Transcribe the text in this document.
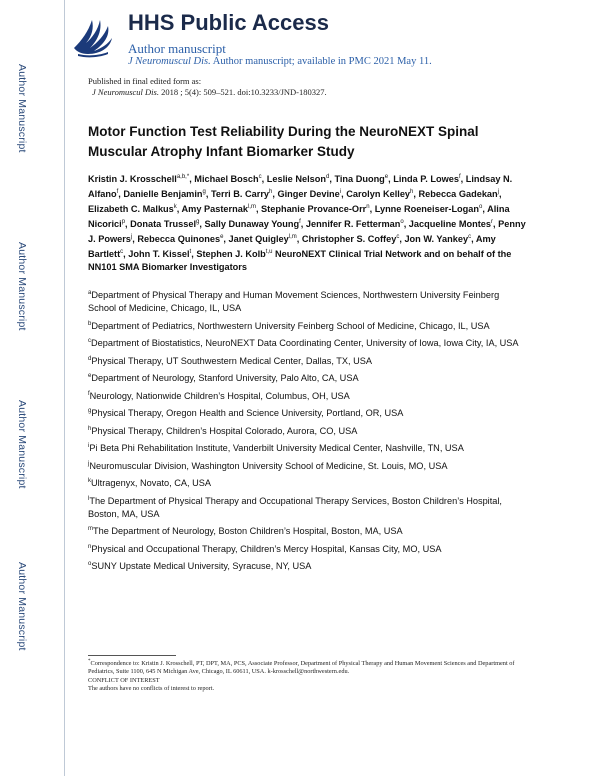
Author Manuscript
Author Manuscript
Author Manuscript
Author Manuscript
HHS Public Access
Author manuscript
J Neuromuscul Dis. Author manuscript; available in PMC 2021 May 11.
Published in final edited form as:
J Neuromuscul Dis. 2018 ; 5(4): 509–521. doi:10.3233/JND-180327.
Motor Function Test Reliability During the NeuroNEXT Spinal Muscular Atrophy Infant Biomarker Study
Kristin J. Krosschell$^{a,b,*}$, Michael Bosch$^c$, Leslie Nelson$^d$, Tina Duong$^e$, Linda P. Lowes$^f$, Lindsay N. Alfano$^f$, Danielle Benjamin$^g$, Terri B. Carry$^h$, Ginger Devine$^i$, Carolyn Kelley$^h$, Rebecca Gadekan$^j$, Elizabeth C. Malkus$^k$, Amy Pasternak$^{l,m}$, Stephanie Provance-Orr$^n$, Lynne Roeneiser-Logan$^o$, Alina Nicorici$^p$, Donata Trussel$^g$, Sally Dunaway Young$^f$, Jennifer R. Fetterman$^o$, Jacqueline Montes$^r$, Penny J. Powers$^j$, Rebecca Quinones$^e$, Janet Quigley$^{l,m}$, Christopher S. Coffey$^c$, Jon W. Yankey$^c$, Amy Bartlett$^c$, John T. Kissel$^t$, Stephen J. Kolb$^{t,u}$ NeuroNEXT Clinical Trial Network and on behalf of the NN101 SMA Biomarker Investigators
$^a$Department of Physical Therapy and Human Movement Sciences, Northwestern University Feinberg School of Medicine, Chicago, IL, USA
$^b$Department of Pediatrics, Northwestern University Feinberg School of Medicine, Chicago, IL, USA
$^c$Department of Biostatistics, NeuroNEXT Data Coordinating Center, University of Iowa, Iowa City, IA, USA
$^d$Physical Therapy, UT Southwestern Medical Center, Dallas, TX, USA
$^e$Department of Neurology, Stanford University, Palo Alto, CA, USA
$^f$Neurology, Nationwide Children’s Hospital, Columbus, OH, USA
$^g$Physical Therapy, Oregon Health and Science University, Portland, OR, USA
$^h$Physical Therapy, Children’s Hospital Colorado, Aurora, CO, USA
$^i$Pi Beta Phi Rehabilitation Institute, Vanderbilt University Medical Center, Nashville, TN, USA
$^j$Neuromuscular Division, Washington University School of Medicine, St. Louis, MO, USA
$^k$Ultragenyx, Novato, CA, USA
$^l$The Department of Physical Therapy and Occupational Therapy Services, Boston Children’s Hospital, Boston, MA, USA
$^m$The Department of Neurology, Boston Children’s Hospital, Boston, MA, USA
$^n$Physical and Occupational Therapy, Children’s Mercy Hospital, Kansas City, MO, USA
$^o$SUNY Upstate Medical University, Syracuse, NY, USA
*Correspondence to: Kristin J. Krosschell, PT, DPT, MA, PCS, Associate Professor, Department of Physical Therapy and Human Movement Sciences and Department of Pediatrics, Suite 1100, 645 N Michigan Ave, Chicago, IL 60611, USA. k-krosschell@northwestern.edu.
CONFLICT OF INTEREST
The authors have no conflicts of interest to report.
